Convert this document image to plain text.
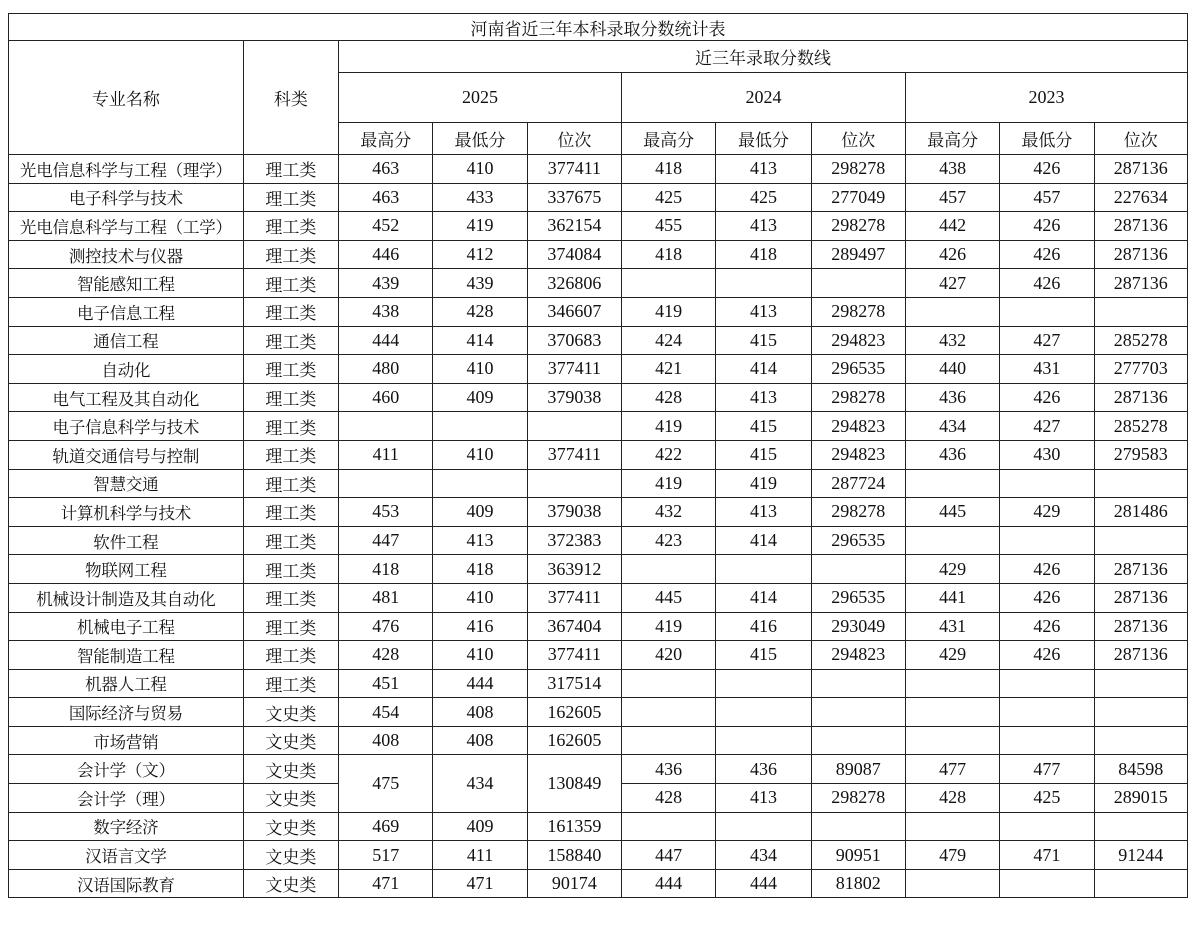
河南省近三年本科录取分数统计表										
专业名称	科类	近三年录取分数线								
		2025			2024			2023		
		最高分	最低分	位次	最高分	最低分	位次	最高分	最低分	位次
光电信息科学与工程（理学）	理工类	463	410	377411	418	413	298278	438	426	287136
电子科学与技术	理工类	463	433	337675	425	425	277049	457	457	227634
光电信息科学与工程（工学）	理工类	452	419	362154	455	413	298278	442	426	287136
测控技术与仪器	理工类	446	412	374084	418	418	289497	426	426	287136
智能感知工程	理工类	439	439	326806				427	426	287136
电子信息工程	理工类	438	428	346607	419	413	298278			
通信工程	理工类	444	414	370683	424	415	294823	432	427	285278
自动化	理工类	480	410	377411	421	414	296535	440	431	277703
电气工程及其自动化	理工类	460	409	379038	428	413	298278	436	426	287136
电子信息科学与技术	理工类				419	415	294823	434	427	285278
轨道交通信号与控制	理工类	411	410	377411	422	415	294823	436	430	279583
智慧交通	理工类				419	419	287724			
计算机科学与技术	理工类	453	409	379038	432	413	298278	445	429	281486
软件工程	理工类	447	413	372383	423	414	296535			
物联网工程	理工类	418	418	363912				429	426	287136
机械设计制造及其自动化	理工类	481	410	377411	445	414	296535	441	426	287136
机械电子工程	理工类	476	416	367404	419	416	293049	431	426	287136
智能制造工程	理工类	428	410	377411	420	415	294823	429	426	287136
机器人工程	理工类	451	444	317514						
国际经济与贸易	文史类	454	408	162605						
市场营销	文史类	408	408	162605						
会计学（文）	文史类	475	434	130849	436	436	89087	477	477	84598
会计学（理）	文史类				428	413	298278	428	425	289015
数字经济	文史类	469	409	161359						
汉语言文学	文史类	517	411	158840	447	434	90951	479	471	91244
汉语国际教育	文史类	471	471	90174	444	444	81802			
